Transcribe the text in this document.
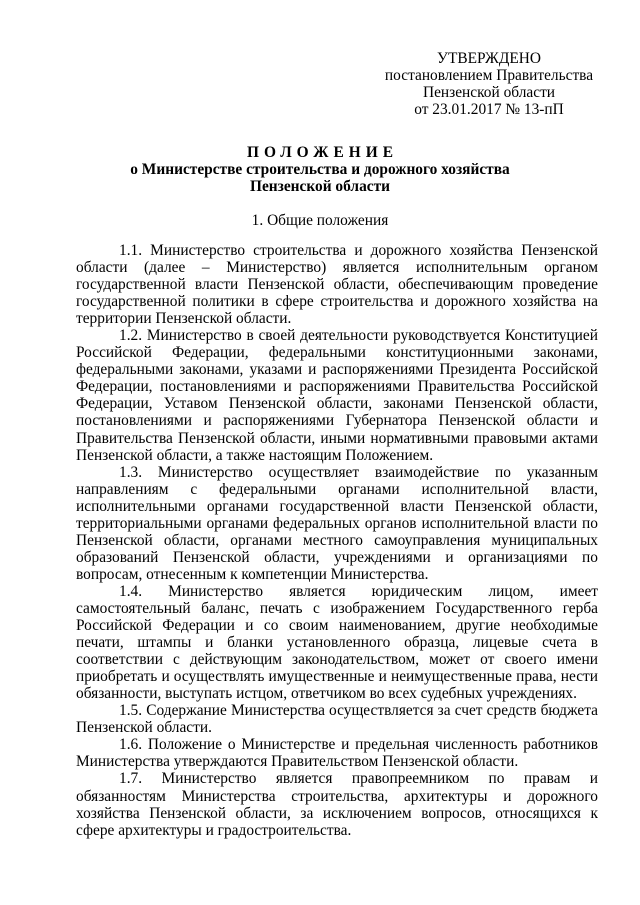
УТВЕРЖДЕНО
постановлением Правительства
Пензенской области
от 23.01.2017 № 13-пП
ПОЛОЖЕНИЕ
о Министерстве строительства и дорожного хозяйства
Пензенской области
1. Общие положения

1.1. Министерство строительства и дорожного хозяйства Пензенской области (далее – Министерство) является исполнительным органом государственной власти Пензенской области, обеспечивающим проведение государственной политики в сфере строительства и дорожного хозяйства на территории Пензенской области.

1.2. Министерство в своей деятельности руководствуется Конституцией Российской Федерации, федеральными конституционными законами, федеральными законами, указами и распоряжениями Президента Российской Федерации, постановлениями и распоряжениями Правительства Российской Федерации, Уставом Пензенской области, законами Пензенской области, постановлениями и распоряжениями Губернатора Пензенской области и Правительства Пензенской области, иными нормативными правовыми актами Пензенской области, а также настоящим Положением.

1.3. Министерство осуществляет взаимодействие по указанным направлениям с федеральными органами исполнительной власти, исполнительными органами государственной власти Пензенской области, территориальными органами федеральных органов исполнительной власти по Пензенской области, органами местного самоуправления муниципальных образований Пензенской области, учреждениями и организациями по вопросам, отнесенным к компетенции Министерства.

1.4. Министерство является юридическим лицом, имеет самостоятельный баланс, печать с изображением Государственного герба Российской Федерации и со своим наименованием, другие необходимые печати, штампы и бланки установленного образца, лицевые счета в соответствии с действующим законодательством, может от своего имени приобретать и осуществлять имущественные и неимущественные права, нести обязанности, выступать истцом, ответчиком во всех судебных учреждениях.

1.5. Содержание Министерства осуществляется за счет средств бюджета Пензенской области.

1.6. Положение о Министерстве и предельная численность работников Министерства утверждаются Правительством Пензенской области.

1.7. Министерство является правопреемником по правам и обязанностям Министерства строительства, архитектуры и дорожного хозяйства Пензенской области, за исключением вопросов, относящихся к сфере архитектуры и градостроительства.
